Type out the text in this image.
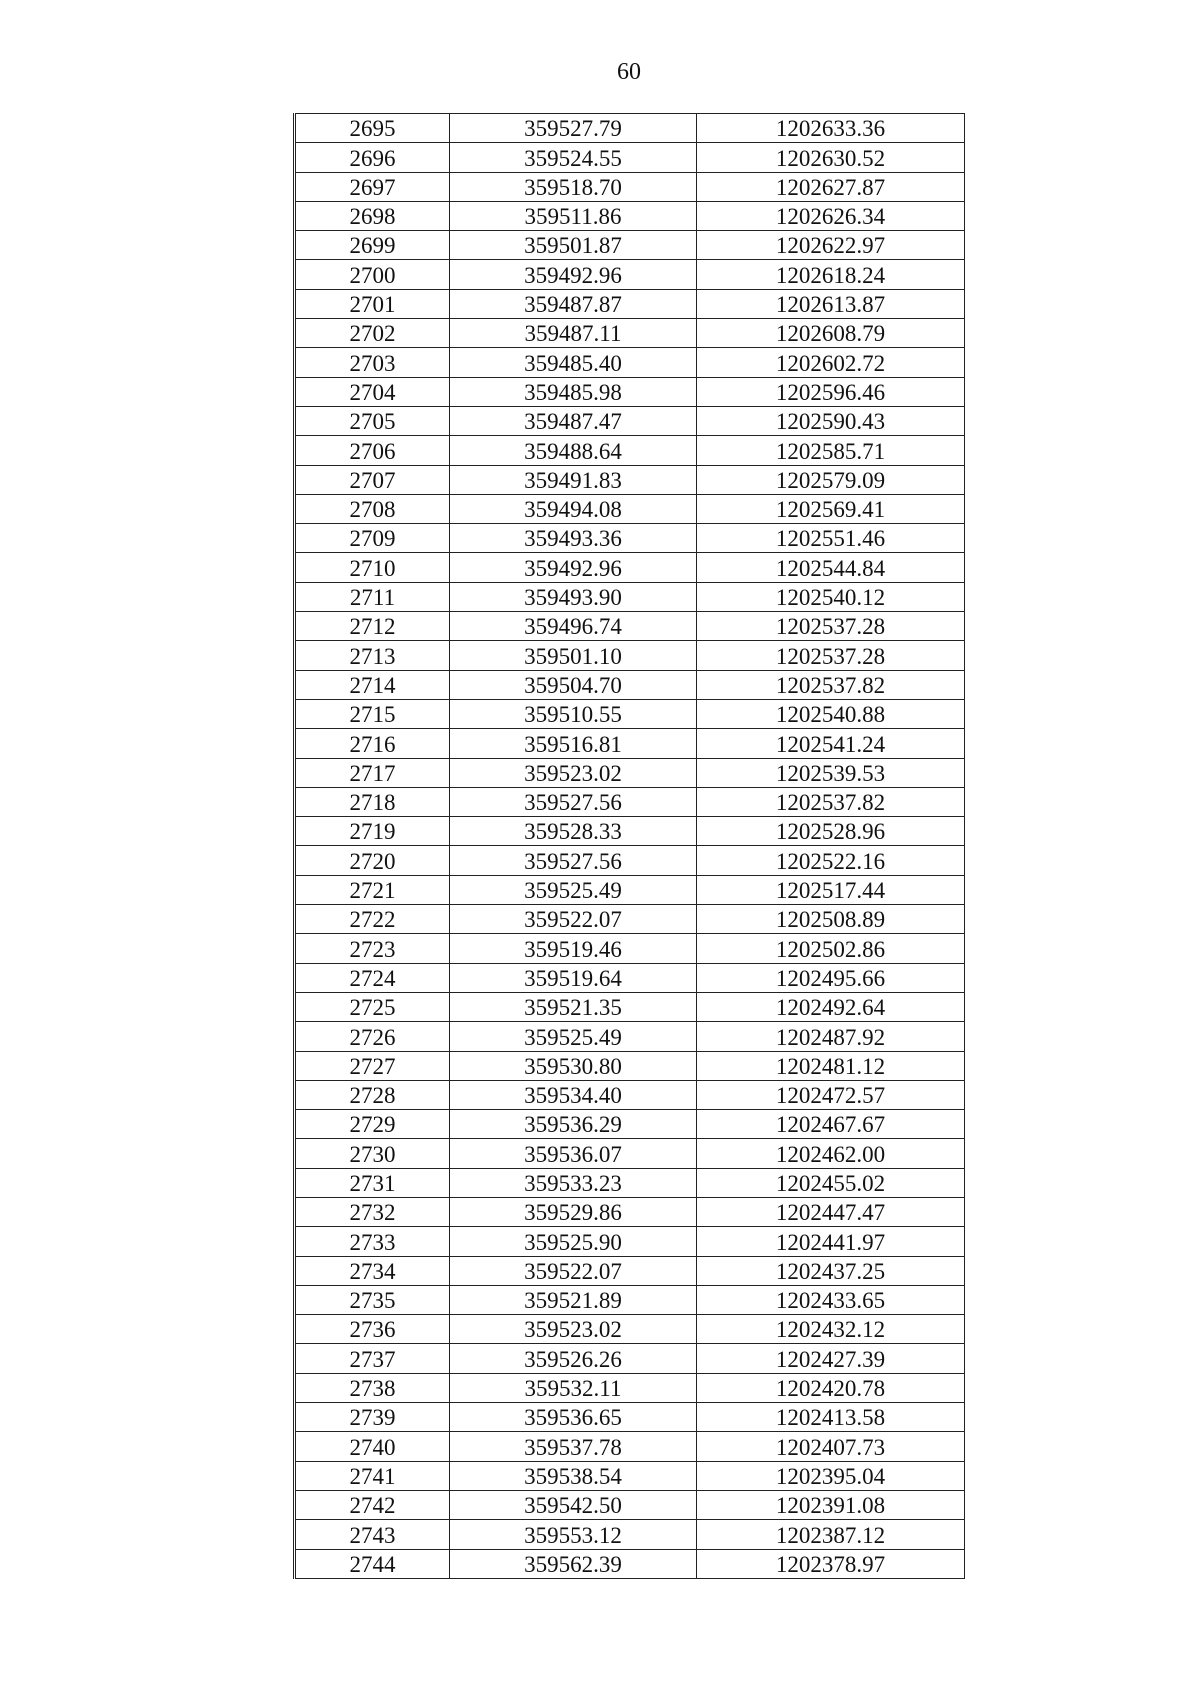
60
2695	359527.79	1202633.36
2696	359524.55	1202630.52
2697	359518.70	1202627.87
2698	359511.86	1202626.34
2699	359501.87	1202622.97
2700	359492.96	1202618.24
2701	359487.87	1202613.87
2702	359487.11	1202608.79
2703	359485.40	1202602.72
2704	359485.98	1202596.46
2705	359487.47	1202590.43
2706	359488.64	1202585.71
2707	359491.83	1202579.09
2708	359494.08	1202569.41
2709	359493.36	1202551.46
2710	359492.96	1202544.84
2711	359493.90	1202540.12
2712	359496.74	1202537.28
2713	359501.10	1202537.28
2714	359504.70	1202537.82
2715	359510.55	1202540.88
2716	359516.81	1202541.24
2717	359523.02	1202539.53
2718	359527.56	1202537.82
2719	359528.33	1202528.96
2720	359527.56	1202522.16
2721	359525.49	1202517.44
2722	359522.07	1202508.89
2723	359519.46	1202502.86
2724	359519.64	1202495.66
2725	359521.35	1202492.64
2726	359525.49	1202487.92
2727	359530.80	1202481.12
2728	359534.40	1202472.57
2729	359536.29	1202467.67
2730	359536.07	1202462.00
2731	359533.23	1202455.02
2732	359529.86	1202447.47
2733	359525.90	1202441.97
2734	359522.07	1202437.25
2735	359521.89	1202433.65
2736	359523.02	1202432.12
2737	359526.26	1202427.39
2738	359532.11	1202420.78
2739	359536.65	1202413.58
2740	359537.78	1202407.73
2741	359538.54	1202395.04
2742	359542.50	1202391.08
2743	359553.12	1202387.12
2744	359562.39	1202378.97
